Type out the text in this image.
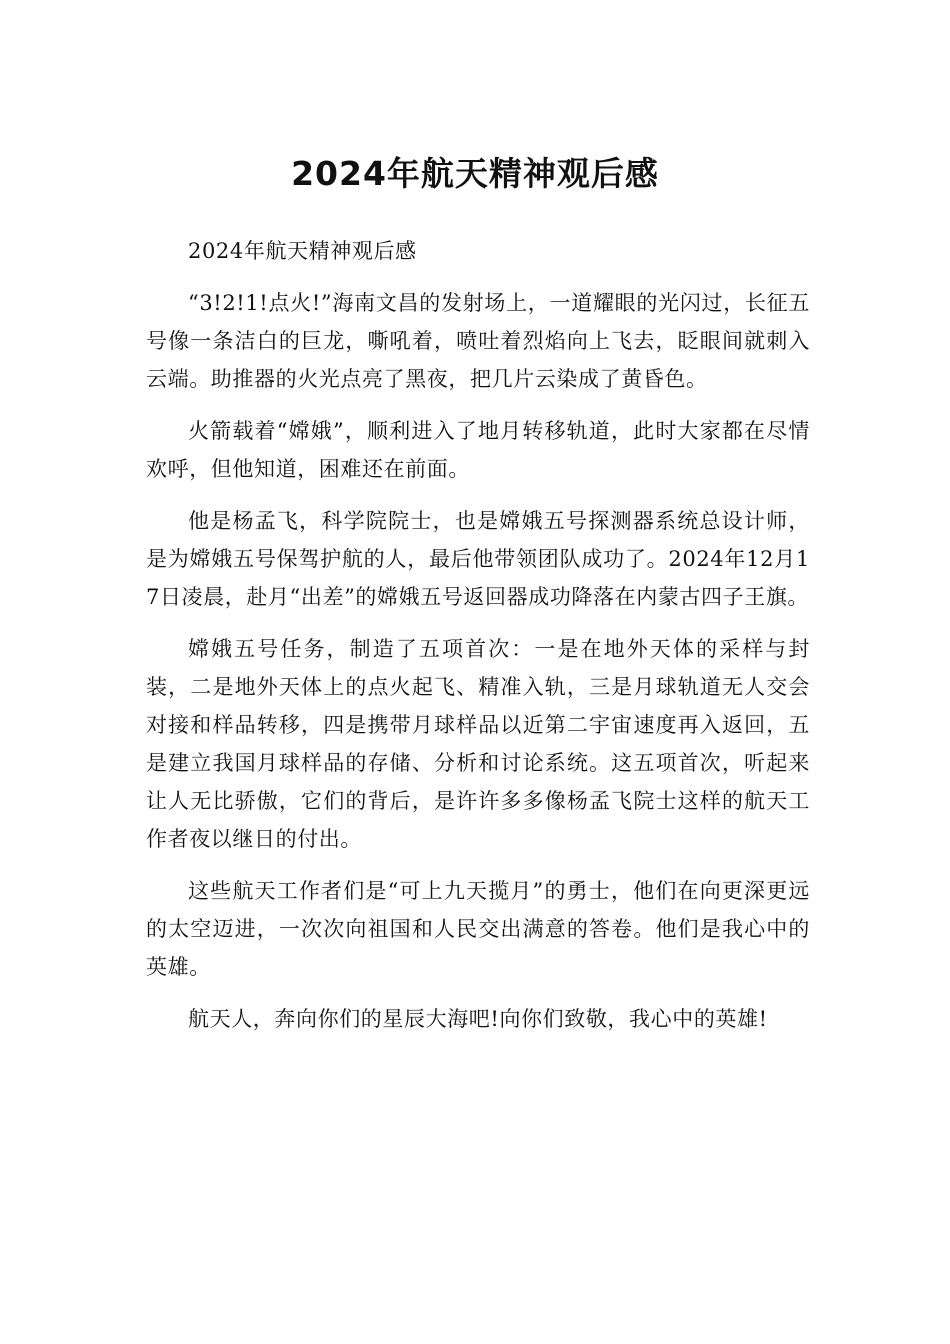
2024年航天精神观后感

2024年航天精神观后感

“3!2!1!点火!”海南文昌的发射场上，一道耀眼的光闪过，长征五号像一条洁白的巨龙，嘶吼着，喷吐着烈焰向上飞去，眨眼间就刺入云端。助推器的火光点亮了黑夜，把几片云染成了黄昏色。

火箭载着“嫦娥”，顺利进入了地月转移轨道，此时大家都在尽情欢呼，但他知道，困难还在前面。

他是杨孟飞，科学院院士，也是嫦娥五号探测器系统总设计师，是为嫦娥五号保驾护航的人，最后他带领团队成功了。2024年12月17日凌晨，赴月“出差”的嫦娥五号返回器成功降落在内蒙古四子王旗。

嫦娥五号任务，制造了五项首次：一是在地外天体的采样与封装，二是地外天体上的点火起飞、精准入轨，三是月球轨道无人交会对接和样品转移，四是携带月球样品以近第二宇宙速度再入返回，五是建立我国月球样品的存储、分析和讨论系统。这五项首次，听起来让人无比骄傲，它们的背后，是许许多多像杨孟飞院士这样的航天工作者夜以继日的付出。

这些航天工作者们是“可上九天揽月”的勇士，他们在向更深更远的太空迈进，一次次向祖国和人民交出满意的答卷。他们是我心中的英雄。

航天人，奔向你们的星辰大海吧!向你们致敬，我心中的英雄!
